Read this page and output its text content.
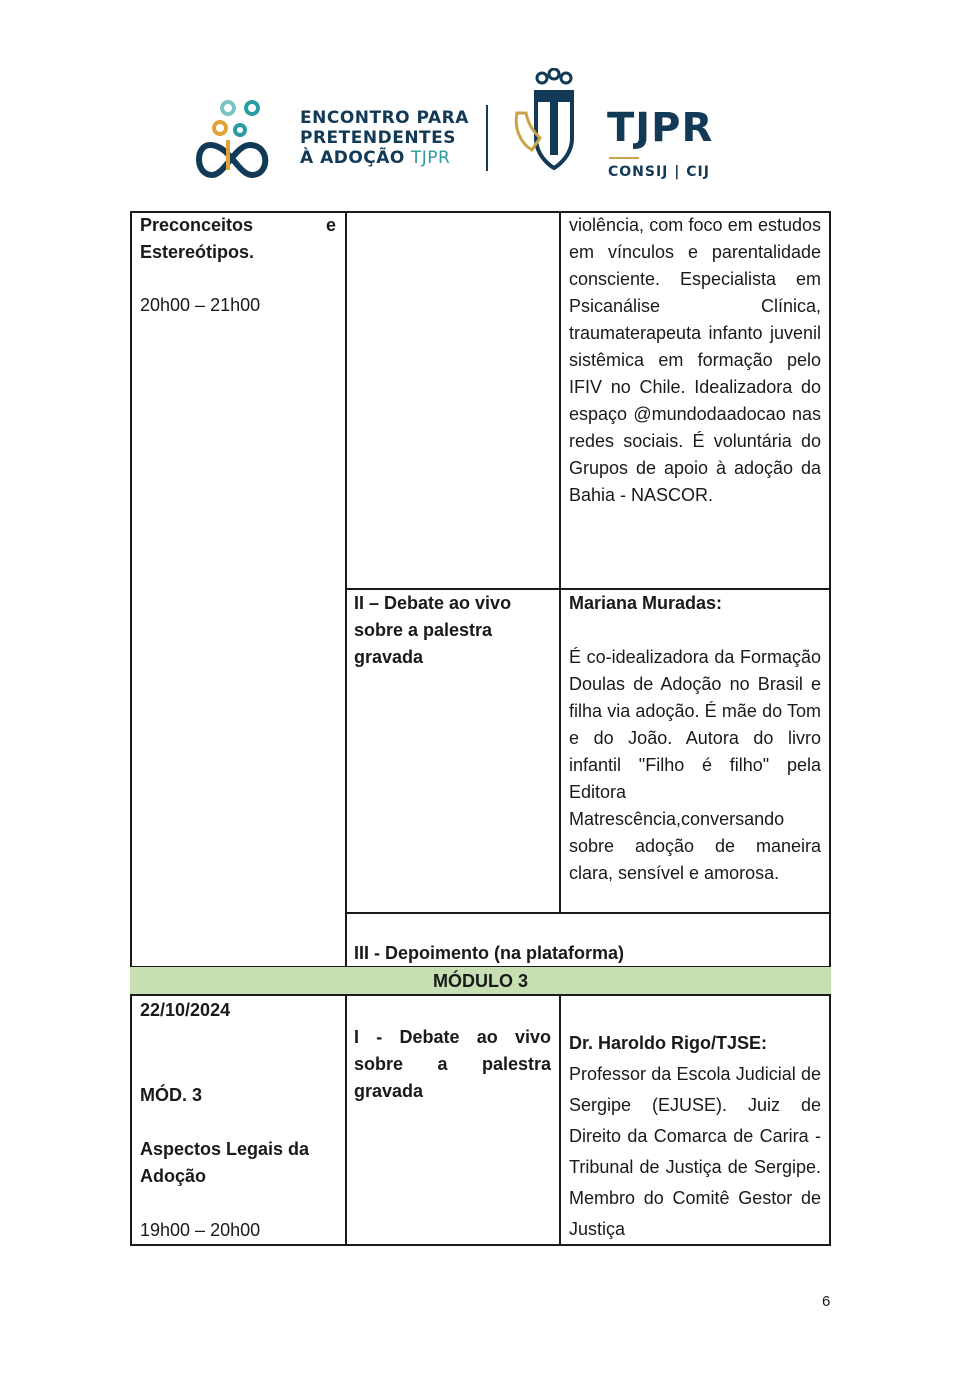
ENCONTRO PARA
PRETENDENTES
À ADOÇÃO TJPR
TJPR
CONSIJ | CIJ
MÓDULO 3
Preconceitos e Estereótipos.
20h00 – 21h00
violência, com foco em estudos em vínculos e parentalidade consciente. Especialista em Psicanálise Clínica, traumaterapeuta infanto juvenil sistêmica em formação pelo IFIV no Chile. Idealizadora do espaço @mundodaadocao nas redes sociais. É voluntária do Grupos de apoio à adoção da Bahia - NASCOR.
II – Debate ao vivo sobre a palestra gravada
Mariana Muradas:
É co-idealizadora da Formação Doulas de Adoção no Brasil e filha via adoção. É mãe do Tom e do João. Autora do livro infantil "Filho é filho" pela Editora Matrescência,conversando sobre adoção de maneira clara, sensível e amorosa.
III - Depoimento (na plataforma)
22/10/2024
MÓD. 3
Aspectos Legais da Adoção
19h00 – 20h00
I - Debate ao vivo sobre a palestra gravada
Dr. Haroldo Rigo/TJSE:
Professor da Escola Judicial de Sergipe (EJUSE). Juiz de Direito da Comarca de Carira - Tribunal de Justiça de Sergipe. Membro do Comitê Gestor de Justiça
6
